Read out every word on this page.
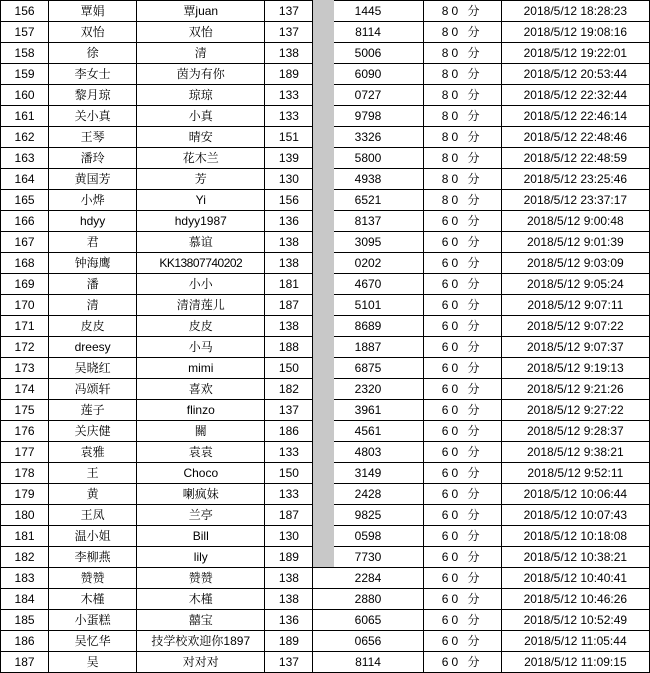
156	覃娟	覃juan	137	1445	80 分	2018/5/12 18:28:23
157	双怡	双怡	137	8114	80 分	2018/5/12 19:08:16
158	徐	清	138	5006	80 分	2018/5/12 19:22:01
159	李女士	茵为有你	189	6090	80 分	2018/5/12 20:53:44
160	黎月琼	琼琼	133	0727	80 分	2018/5/12 22:32:44
161	关小真	小真	133	9798	80 分	2018/5/12 22:46:14
162	王琴	晴安	151	3326	80 分	2018/5/12 22:48:46
163	潘玲	花木兰	139	5800	80 分	2018/5/12 22:48:59
164	黄国芳	芳	130	4938	80 分	2018/5/12 23:25:46
165	小烨	Yi	156	6521	80 分	2018/5/12 23:37:17
166	hdyy	hdyy1987	136	8137	60 分	2018/5/12 9:00:48
167	君	慕谊	138	3095	60 分	2018/5/12 9:01:39
168	钟海鹰	KK13807740202	138	0202	60 分	2018/5/12 9:03:09
169	潘	小小	181	4670	60 分	2018/5/12 9:05:24
170	清	清清莲儿	187	5101	60 分	2018/5/12 9:07:11
171	皮皮	皮皮	138	8689	60 分	2018/5/12 9:07:22
172	dreesy	小马	188	1887	60 分	2018/5/12 9:07:37
173	吴晓红	mimi	150	6875	60 分	2018/5/12 9:19:13
174	冯颂轩	喜欢	182	2320	60 分	2018/5/12 9:21:26
175	莲子	flinzo	137	3961	60 分	2018/5/12 9:27:22
176	关庆健	關	186	4561	60 分	2018/5/12 9:28:37
177	袁雅	袁袁	133	4803	60 分	2018/5/12 9:38:21
178	王	Choco	150	3149	60 分	2018/5/12 9:52:11
179	黄	喇疯妹	133	2428	60 分	2018/5/12 10:06:44
180	王凤	兰亭	187	9825	60 分	2018/5/12 10:07:43
181	温小姐	Bill	130	0598	60 分	2018/5/12 10:18:08
182	李柳燕	lily	189	7730	60 分	2018/5/12 10:38:21
183	赞赞	赞赞	138	2284	60 分	2018/5/12 10:40:41
184	木槿	木槿	138	2880	60 分	2018/5/12 10:46:26
185	小蛋糕	囍宝	136	6065	60 分	2018/5/12 10:52:49
186	吴忆华	技学校欢迎你1897	189	0656	60 分	2018/5/12 11:05:44
187	吴	对对对	137	8114	60 分	2018/5/12 11:09:15
